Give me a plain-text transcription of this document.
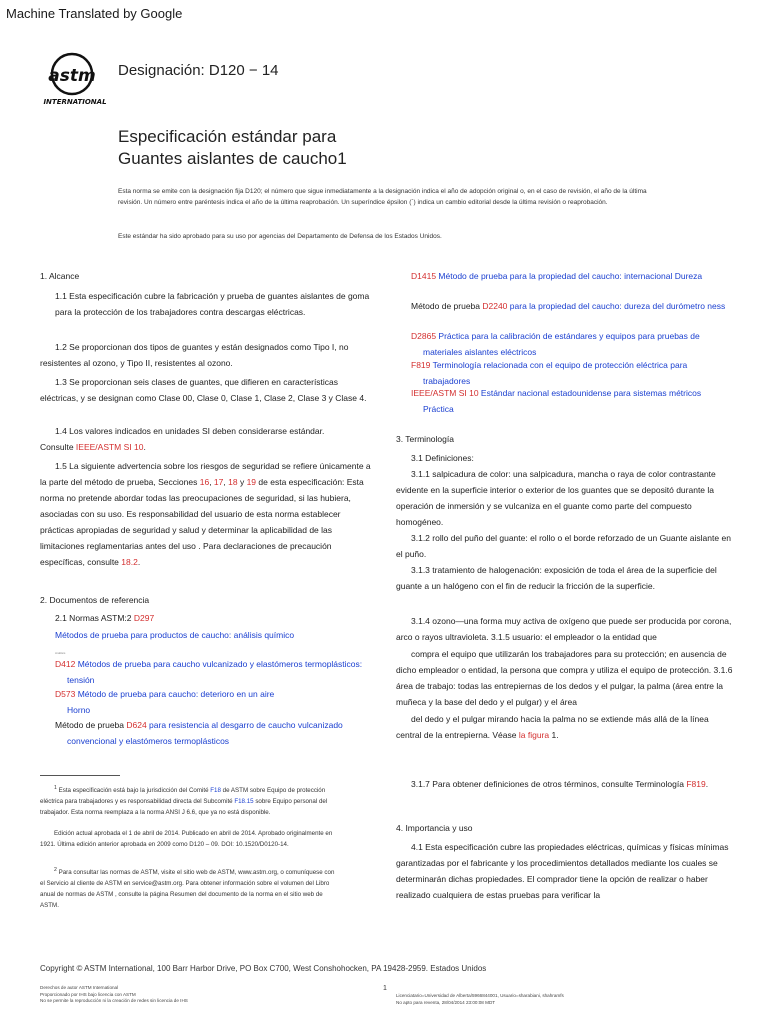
Machine Translated by Google
astm
INTERNATIONAL
Designación: D120 − 14
Especificación estándar para
Guantes aislantes de caucho1
Esta norma se emite con la designación fija D120; el número que sigue inmediatamente a la designación indica el año de adopción original o, en el caso de revisión, el año de la última revisión. Un número entre paréntesis indica el año de la última reaprobación. Un superíndice épsilon (´) indica un cambio editorial desde la última revisión o reaprobación.
Este estándar ha sido aprobado para su uso por agencias del Departamento de Defensa de los Estados Unidos.
1. Alcance
1.1 Esta especificación cubre la fabricación y prueba de guantes aislantes de goma para la protección de los trabajadores contra descargas eléctricas.
1.2 Se proporcionan dos tipos de guantes y están designados como Tipo I, no resistentes al ozono, y Tipo II, resistentes al ozono.
1.3 Se proporcionan seis clases de guantes, que difieren en características eléctricas, y se designan como Clase 00, Clase 0, Clase 1, Clase 2, Clase 3 y Clase 4.
1.4 Los valores indicados en unidades SI deben considerarse estándar.
Consulte IEEE/ASTM SI 10.
1.5 La siguiente advertencia sobre los riesgos de seguridad se refiere únicamente a la parte del método de prueba, Secciones 16, 17, 18 y 19 de esta especificación: Esta norma no pretende abordar todas las preocupaciones de seguridad, si las hubiera, asociadas con su uso. Es responsabilidad del usuario de esta norma establecer prácticas apropiadas de seguridad y salud y determinar la aplicabilidad de las limitaciones reglamentarias antes del uso . Para declaraciones de precaución específicas, consulte 18.2.
2. Documentos de referencia
2.1 Normas ASTM:2 D297
Métodos de prueba para productos de caucho: análisis químico
Análisis
D412 Métodos de prueba para caucho vulcanizado y elastómeros termoplásticos: tensión
D573 Método de prueba para caucho: deterioro en un aire
Horno
Método de prueba D624 para resistencia al desgarro de caucho vulcanizado convencional y elastómeros termoplásticos
$^1$ Esta especificación está bajo la jurisdicción del Comité F18 de ASTM sobre Equipo de protección eléctrica para trabajadores y es responsabilidad directa del Subcomité F18.15 sobre Equipo personal del trabajador. Esta norma reemplaza a la norma ANSI J 6.6, que ya no está disponible.
Edición actual aprobada el 1 de abril de 2014. Publicado en abril de 2014. Aprobado originalmente en 1921. Última edición anterior aprobada en 2009 como D120 – 09. DOI: 10.1520/D0120-14.
$^2$ Para consultar las normas de ASTM, visite el sitio web de ASTM, www.astm.org, o comuníquese con el Servicio al cliente de ASTM en service@astm.org. Para obtener información sobre el volumen del Libro anual de normas de ASTM , consulte la página Resumen del documento de la norma en el sitio web de ASTM.
D1415 Método de prueba para la propiedad del caucho: internacional Dureza
Método de prueba D2240 para la propiedad del caucho: dureza del durómetro ness
D2865 Práctica para la calibración de estándares y equipos para pruebas de materiales aislantes eléctricos
F819 Terminología relacionada con el equipo de protección eléctrica para trabajadores
IEEE/ASTM SI 10 Estándar nacional estadounidense para sistemas métricos Práctica
3. Terminología
3.1 Definiciones:
3.1.1 salpicadura de color: una salpicadura, mancha o raya de color contrastante evidente en la superficie interior o exterior de los guantes que se depositó durante la operación de inmersión y se vulcaniza en el guante como parte del compuesto homogéneo.
3.1.2 rollo del puño del guante: el rollo o el borde reforzado de un Guante aislante en el puño.
3.1.3 tratamiento de halogenación: exposición de toda el área de la superficie del guante a un halógeno con el fin de reducir la fricción de la superficie.
3.1.4 ozono—una forma muy activa de oxígeno que puede ser producida por corona, arco o rayos ultravioleta. 3.1.5 usuario: el empleador o la entidad que
compra el equipo que utilizarán los trabajadores para su protección; en ausencia de dicho empleador o entidad, la persona que compra y utiliza el equipo de protección. 3.1.6 área de trabajo: todas las entrepiernas de los dedos y el pulgar, la palma (área entre la muñeca y la base del dedo y el pulgar) y el área
del dedo y el pulgar mirando hacia la palma no se extiende más allá de la línea central de la entrepierna. Véase la figura 1.
3.1.7 Para obtener definiciones de otros términos, consulte Terminología F819.
4. Importancia y uso
4.1 Esta especificación cubre las propiedades eléctricas, químicas y físicas mínimas garantizadas por el fabricante y los procedimientos detallados mediante los cuales se determinarán dichas propiedades. El comprador tiene la opción de realizar o haber realizado cualquiera de estas pruebas para verificar la
Copyright © ASTM International, 100 Barr Harbor Drive, PO Box C700, West Conshohocken, PA 19428-2959. Estados Unidos
Derechos de autor ASTM International
Proporcionado por IHS bajo licencia con ASTM
No se permite la reproducción ni la creación de redes sin licencia de IHS
1
Licenciatario=Universidad de Alberta/5966844001, Usuario=sharabiani, shahramfs
No apto para reventa, 28/04/2014 23:00:08 MDT
